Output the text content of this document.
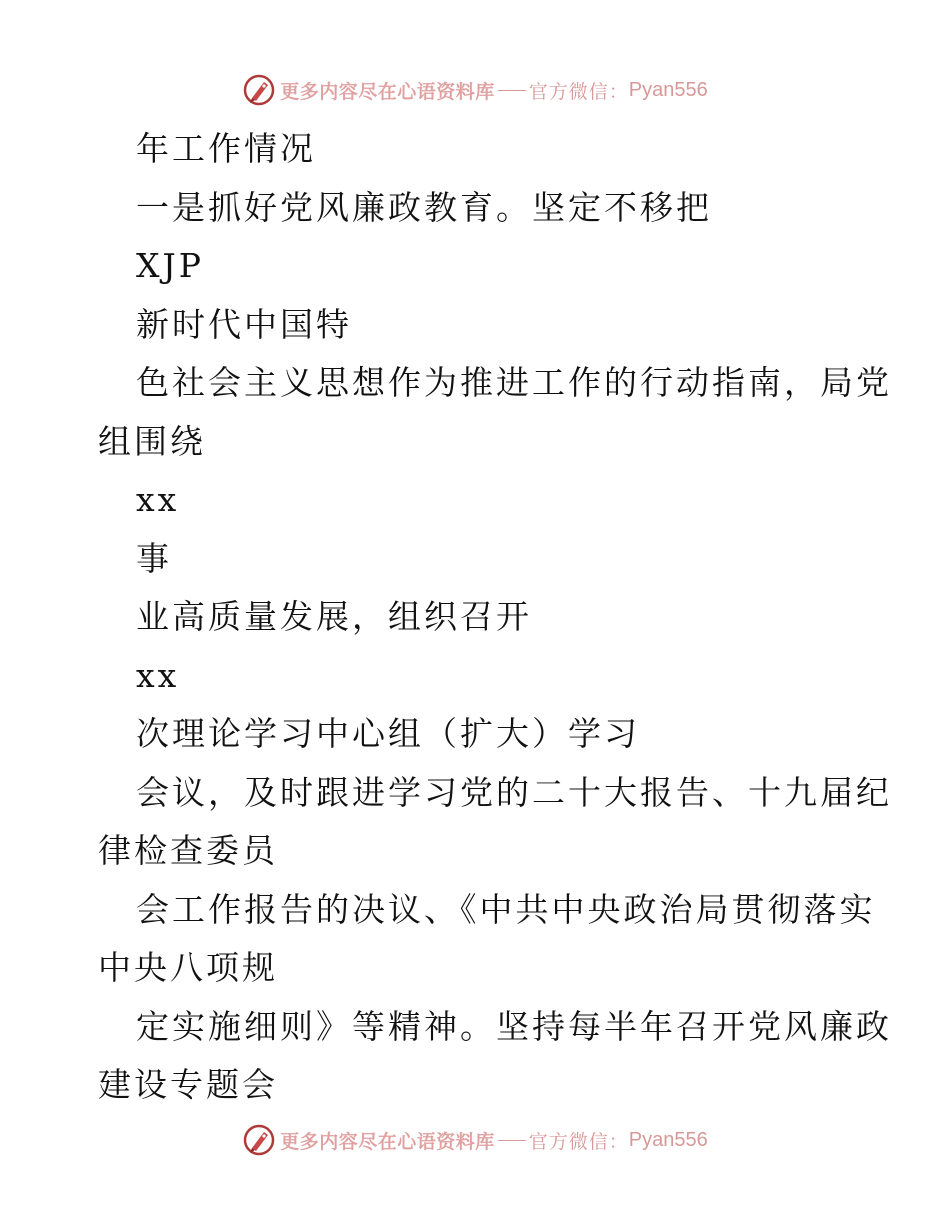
更多内容尽在心语资料库 官方微信： Pyan556
年工作情况
一是抓好党风廉政教育。坚定不移把
XJP
新时代中国特
色社会主义思想作为推进工作的行动指南，局党
组围绕
xx
事
业高质量发展，组织召开
xx
次理论学习中心组（扩大）学习
会议，及时跟进学习党的二十大报告、十九届纪
律检查委员
会工作报告的决议、《中共中央政治局贯彻落实
中央八项规
定实施细则》等精神。坚持每半年召开党风廉政
建设专题会
更多内容尽在心语资料库 官方微信： Pyan556
